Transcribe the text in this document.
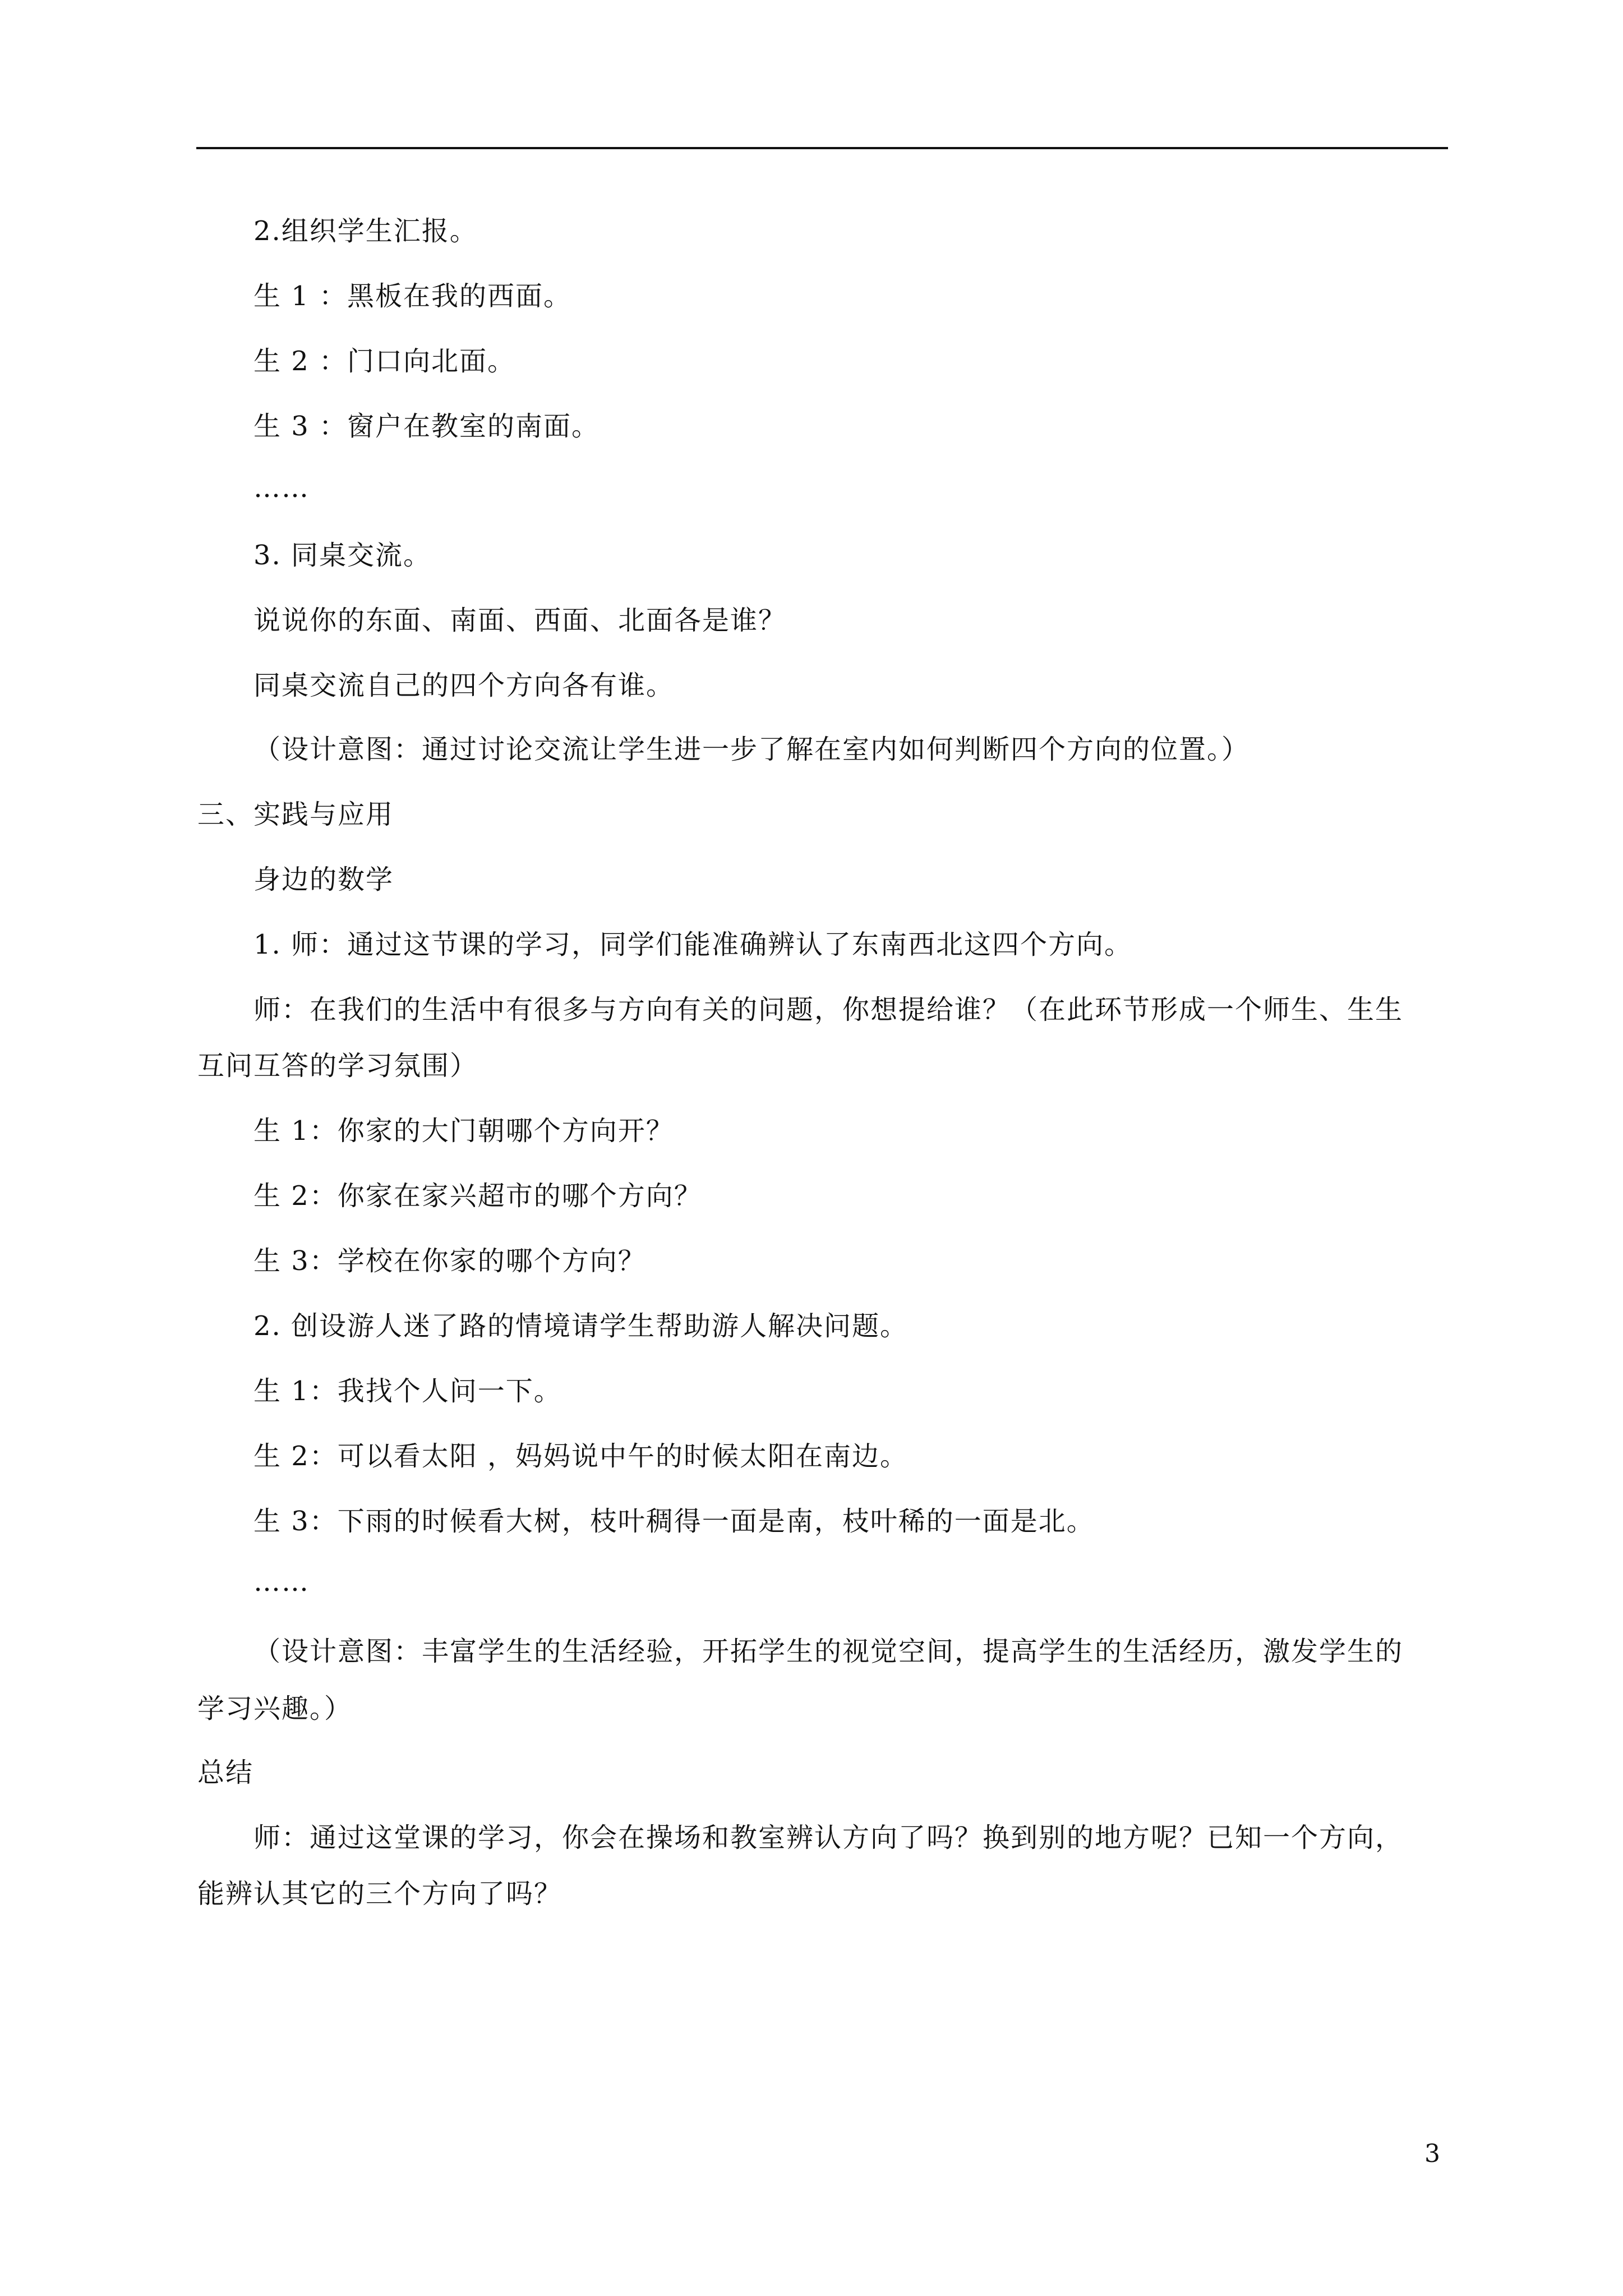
2.组织学生汇报。
生 1 ：黑板在我的西面。
生 2 ：门口向北面。
生 3 ：窗户在教室的南面。
……
3. 同桌交流。
说说你的东面、南面、西面、北面各是谁？
同桌交流自己的四个方向各有谁。
（设计意图：通过讨论交流让学生进一步了解在室内如何判断四个方向的位置。）
三、实践与应用
身边的数学
1. 师：通过这节课的学习，同学们能准确辨认了东南西北这四个方向。
师：在我们的生活中有很多与方向有关的问题，你想提给谁？（在此环节形成一个师生、生生
互问互答的学习氛围）
生 1：你家的大门朝哪个方向开？
生 2：你家在家兴超市的哪个方向？
生 3：学校在你家的哪个方向？
2. 创设游人迷了路的情境请学生帮助游人解决问题。
生 1：我找个人问一下。
生 2：可以看太阳 ，妈妈说中午的时候太阳在南边。
生 3：下雨的时候看大树，枝叶稠得一面是南，枝叶稀的一面是北。
……
（设计意图：丰富学生的生活经验，开拓学生的视觉空间，提高学生的生活经历，激发学生的
学习兴趣。）
总结
师：通过这堂课的学习，你会在操场和教室辨认方向了吗？换到别的地方呢？已知一个方向，
能辨认其它的三个方向了吗？
3
